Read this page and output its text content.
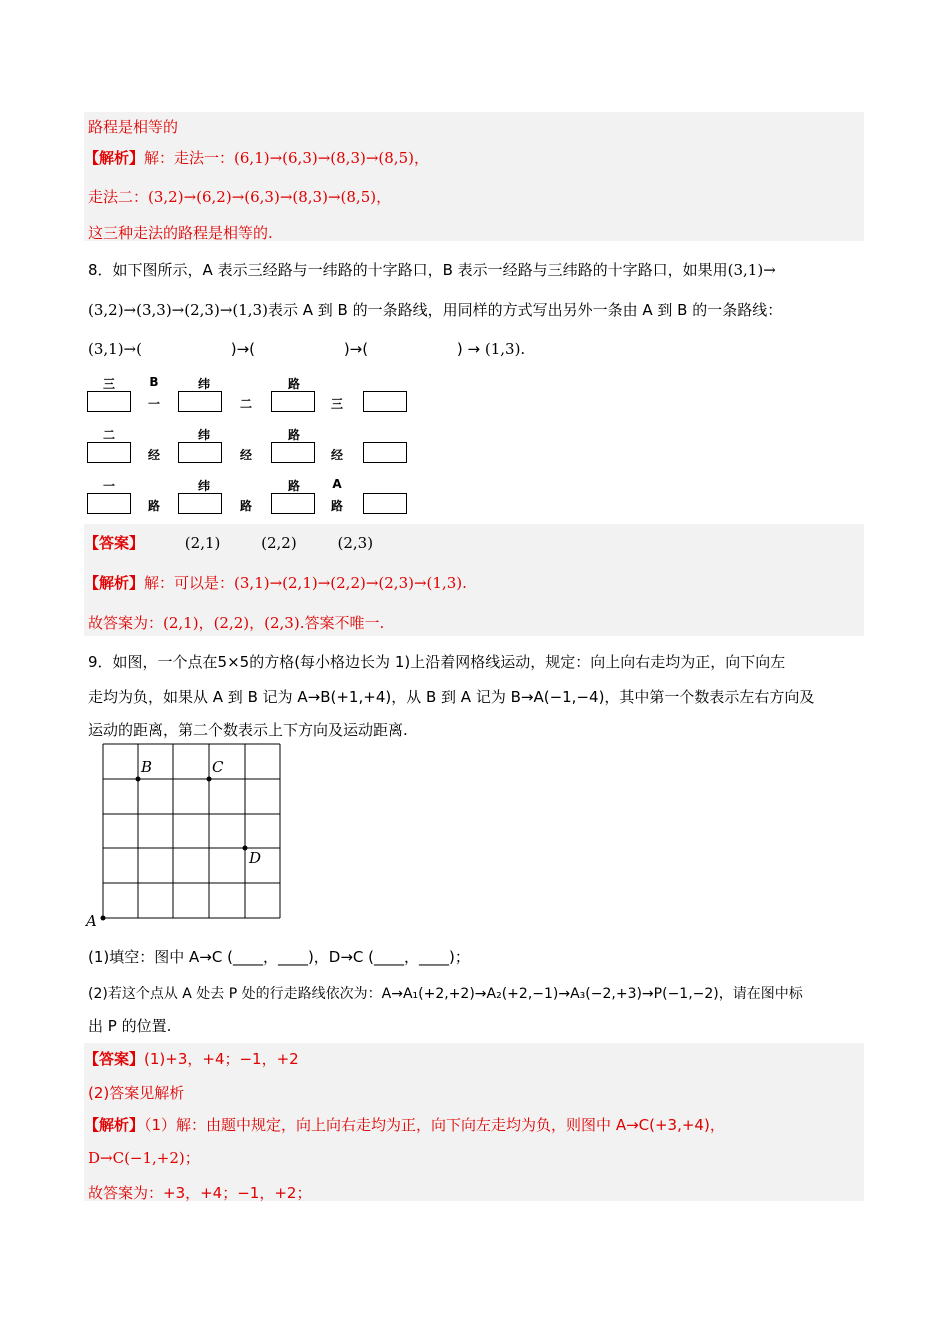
路程是相等的
【解析】解：走法一：(6,1)→(6,3)→(8,3)→(8,5)，
走法二：(3,2)→(6,2)→(6,3)→(8,3)→(8,5)，
这三种走法的路程是相等的.
8．如下图所示，A 表示三经路与一纬路的十字路口，B 表示一经路与三纬路的十字路口，如果用(3,1)→
(3,2)→(3,3)→(2,3)→(1,3)表示 A 到 B 的一条路线，用同样的方式写出另外一条由 A 到 B 的一条路线：
(3,1)→(	)→(	)→(	) → (1,3).
三	B	纬	路
一	二	三
二	纬	路
经	经	经
一	纬	路	A
路	路	路
【答案】	(2,1)	(2,2)	(2,3)
【解析】解：可以是：(3,1)→(2,1)→(2,2)→(2,3)→(1,3).
故答案为：(2,1)，(2,2)，(2,3).答案不唯一.
9．如图，一个点在5×5的方格(每小格边长为 1)上沿着网格线运动，规定：向上向右走均为正，向下向左
走均为负，如果从 A 到 B 记为 A→B(+1,+4)，从 B 到 A 记为 B→A(−1,−4)，其中第一个数表示左右方向及
运动的距离，第二个数表示上下方向及运动距离.
B	C
D
A
(1)填空：图中 A→C (____，____)，D→C (____，____)；
(2)若这个点从 A 处去 P 处的行走路线依次为：A→A₁(+2,+2)→A₂(+2,−1)→A₃(−2,+3)→P(−1,−2)，请在图中标
出 P 的位置.
【答案】(1)+3，+4；−1，+2
(2)答案见解析
【解析】（1）解：由题中规定，向上向右走均为正，向下向左走均为负，则图中 A→C(+3,+4)，
D→C(−1,+2)；
故答案为：+3，+4；−1，+2；
